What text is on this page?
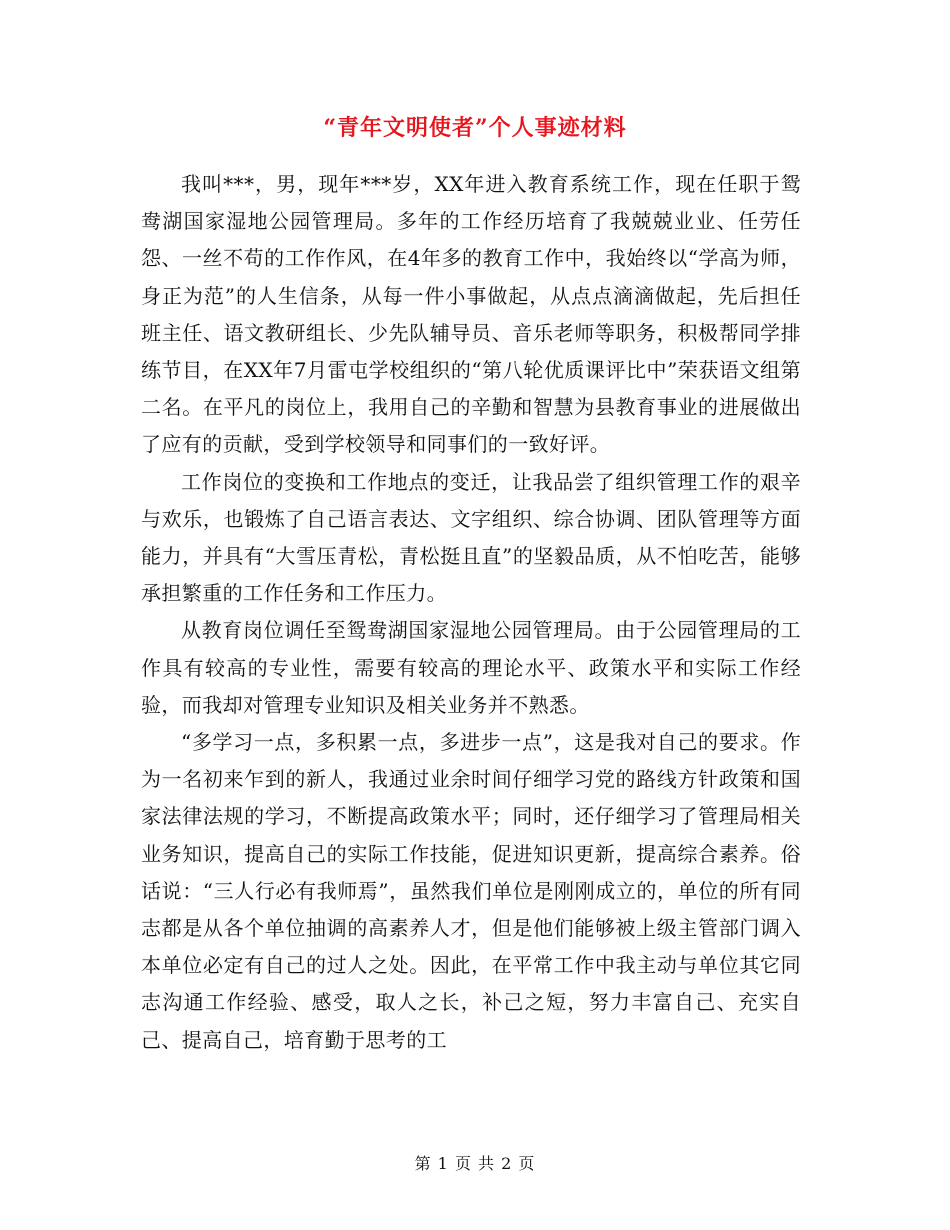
“青年文明使者”个人事迹材料

我叫***，男，现年***岁，XX年进入教育系统工作，现在任职于鸳鸯湖国家湿地公园管理局。多年的工作经历培育了我兢兢业业、任劳任怨、一丝不苟的工作作风，在4年多的教育工作中，我始终以“学高为师，身正为范”的人生信条，从每一件小事做起，从点点滴滴做起，先后担任班主任、语文教研组长、少先队辅导员、音乐老师等职务，积极帮同学排练节目，在XX年7月雷屯学校组织的“第八轮优质课评比中”荣获语文组第二名。在平凡的岗位上，我用自己的辛勤和智慧为县教育事业的进展做出了应有的贡献，受到学校领导和同事们的一致好评。

工作岗位的变换和工作地点的变迁，让我品尝了组织管理工作的艰辛与欢乐，也锻炼了自己语言表达、文字组织、综合协调、团队管理等方面能力，并具有“大雪压青松，青松挺且直”的坚毅品质，从不怕吃苦，能够承担繁重的工作任务和工作压力。

从教育岗位调任至鸳鸯湖国家湿地公园管理局。由于公园管理局的工作具有较高的专业性，需要有较高的理论水平、政策水平和实际工作经验，而我却对管理专业知识及相关业务并不熟悉。

“多学习一点，多积累一点，多进步一点”，这是我对自己的要求。作为一名初来乍到的新人，我通过业余时间仔细学习党的路线方针政策和国家法律法规的学习，不断提高政策水平；同时，还仔细学习了管理局相关业务知识，提高自己的实际工作技能，促进知识更新，提高综合素养。俗话说：“三人行必有我师焉”，虽然我们单位是刚刚成立的，单位的所有同志都是从各个单位抽调的高素养人才，但是他们能够被上级主管部门调入本单位必定有自己的过人之处。因此，在平常工作中我主动与单位其它同志沟通工作经验、感受，取人之长，补己之短，努力丰富自己、充实自己、提高自己，培育勤于思考的工

第 1 页 共 2 页
